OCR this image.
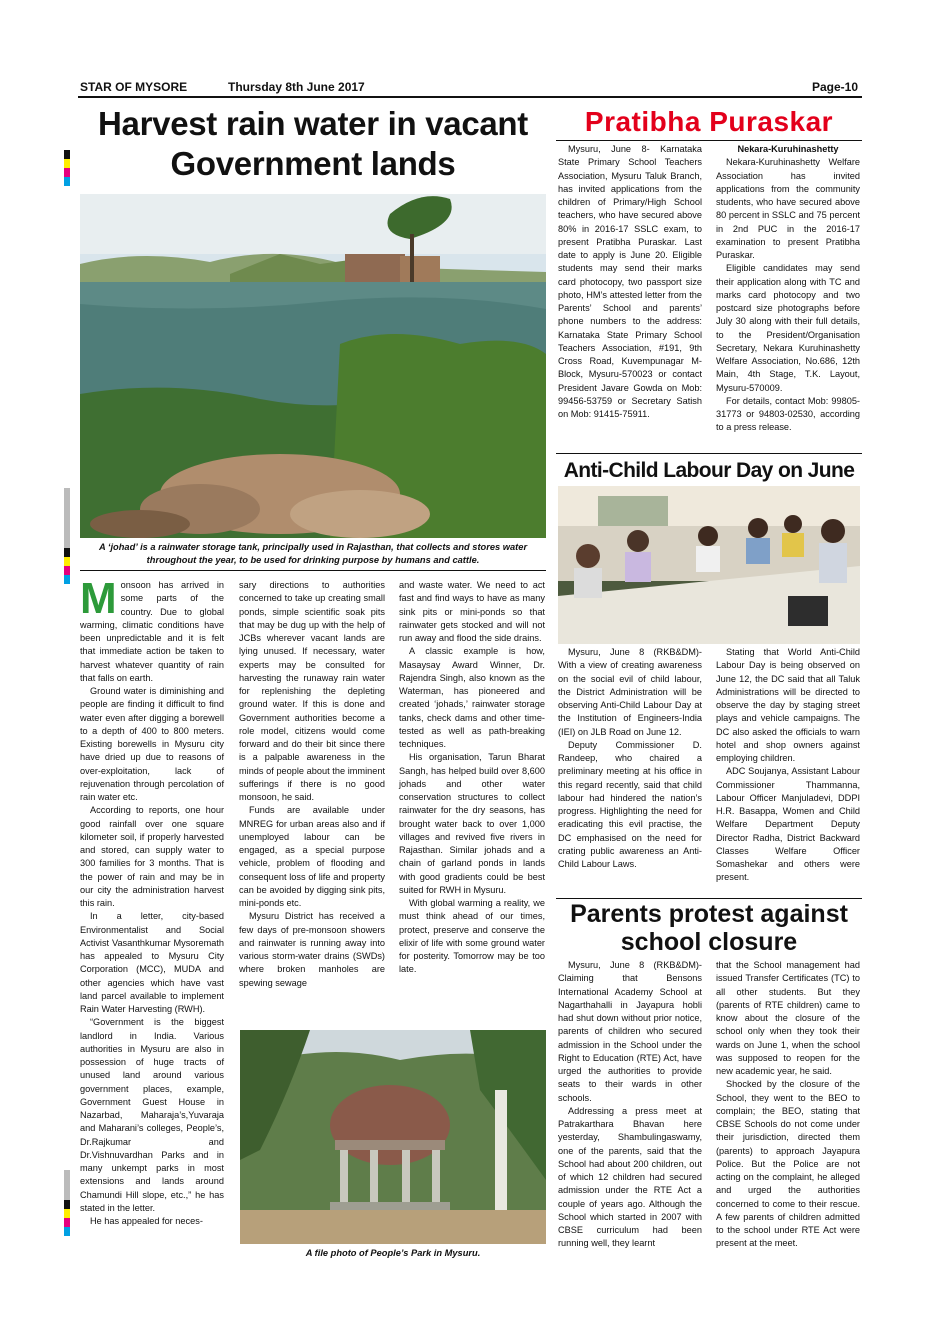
STAR OF MYSORE	Thursday 8th June 2017	Page-10
Harvest rain water in vacant
Government lands
A ‘johad’ is a rainwater storage tank, principally used in Rajasthan, that collects and stores water throughout the year, to be used for drinking purpose by humans and cattle.

Monsoon has arrived in some parts of the country. Due to global warming, climatic conditions have been unpredictable and it is felt that immediate action be taken to harvest whatever quantity of rain that falls on earth.

Ground water is diminishing and people are finding it difficult to find water even after digging a borewell to a depth of 400 to 800 meters. Existing borewells in Mysuru city have dried up due to reasons of over-exploitation, lack of rejuvenation through percolation of rain water etc.

According to reports, one hour good rainfall over one square kilometer soil, if properly harvested and stored, can supply water to 300 families for 3 months. That is the power of rain and may be in our city the administration harvest this rain.

In a letter, city-based Environmentalist and Social Activist Vasanthkumar Mysoremath has appealed to Mysuru City Corporation (MCC), MUDA and other agencies which have vast land parcel available to implement Rain Water Harvesting (RWH).

“Government is the biggest landlord in India. Various authorities in Mysuru are also in possession of huge tracts of unused land around various government places, example, Government Guest House in Nazarbad, Maharaja’s,Yuvaraja and Maharani’s colleges, People’s, Dr.Rajkumar and Dr.Vishnuvardhan Parks and in many unkempt parks in most extensions and lands around Chamundi Hill slope, etc.,” he has stated in the letter.

He has appealed for neces-

sary directions to authorities concerned to take up creating small ponds, simple scientific soak pits that may be dug up with the help of JCBs wherever vacant lands are lying unused. If necessary, water experts may be consulted for harvesting the runaway rain water for replenishing the depleting ground water. If this is done and Government authorities become a role model, citizens would come forward and do their bit since there is a palpable awareness in the minds of people about the imminent sufferings if there is no good monsoon, he said.

Funds are available under MNREG for urban areas also and if unemployed labour can be engaged, as a special purpose vehicle, problem of flooding and consequent loss of life and property can be avoided by digging sink pits, mini-ponds etc.

Mysuru District has received a few days of pre-monsoon showers and rainwater is running away into various storm-water drains (SWDs) where broken manholes are spewing sewage

and waste water. We need to act fast and find ways to have as many sink pits or mini-ponds so that rainwater gets stocked and will not run away and flood the side drains.

A classic example is how, Masaysay Award Winner, Dr. Rajendra Singh, also known as the Waterman, has pioneered and created ‘johads,’ rainwater storage tanks, check dams and other time-tested as well as path-breaking techniques.

His organisation, Tarun Bharat Sangh, has helped build over 8,600 johads and other water conservation structures to collect rainwater for the dry seasons, has brought water back to over 1,000 villages and revived five rivers in Rajasthan. Similar johads and a chain of garland ponds in lands with good gradients could be best suited for RWH in Mysuru.

With global warming a reality, we must think ahead of our times, protect, preserve and conserve the elixir of life with some ground water for posterity. Tomorrow may be too late.

A file photo of People’s Park in Mysuru.
Pratibha Puraskar

Mysuru, June 8- Karnataka State Primary School Teachers Association, Mysuru Taluk Branch, has invited applications from the children of Primary/High School teachers, who have secured above 80% in 2016-17 SSLC exam, to present Pratibha Puraskar. Last date to apply is June 20. Eligible students may send their marks card photocopy, two passport size photo, HM’s attested letter from the Parents’ School and parents’ phone numbers to the address: Karnataka State Primary School Teachers Association, #191, 9th Cross Road, Kuvempunagar M-Block, Mysuru-570023 or contact President Javare Gowda on Mob: 99456-53759 or Secretary Satish on Mob: 91415-75911.

Nekara-Kuruhinashetty

Nekara-Kuruhinashetty Welfare Association has invited applications from the community students, who have secured above 80 percent in SSLC and 75 percent in 2nd PUC in the 2016-17 examination to present Pratibha Puraskar.

Eligible candidates may send their application along with TC and marks card photocopy and two postcard size photographs before July 30 along with their full details, to the President/Organisation Secretary, Nekara Kuruhinashetty Welfare Association, No.686, 12th Main, 4th Stage, T.K. Layout, Mysuru-570009.

For details, contact Mob: 99805-31773 or 94803-02530, according to a press release.

Anti-Child Labour Day on June

Mysuru, June 8 (RKB&DM)- With a view of creating awareness on the social evil of child labour, the District Administration will be observing Anti-Child Labour Day at the Institution of Engineers-India (IEI) on JLB Road on June 12.

Deputy Commissioner D. Randeep, who chaired a preliminary meeting at his office in this regard recently, said that child labour had hindered the nation’s progress. Highlighting the need for eradicating this evil practise, the DC emphasised on the need for crating public awareness an Anti-Child Labour Laws.

Stating that World Anti-Child Labour Day is being observed on June 12, the DC said that all Taluk Administrations will be directed to observe the day by staging street plays and vehicle campaigns. The DC also asked the officials to warn hotel and shop owners against employing children.

ADC Soujanya, Assistant Labour Commissioner Thammanna, Labour Officer Manjuladevi, DDPI H.R. Basappa, Women and Child Welfare Department Deputy Director Radha, District Backward Classes Welfare Officer Somashekar and others were present.

Parents protest against
school closure

Mysuru, June 8 (RKB&DM)- Claiming that Bensons International Academy School at Nagarthahalli in Jayapura hobli had shut down without prior notice, parents of children who secured admission in the School under the Right to Education (RTE) Act, have urged the authorities to provide seats to their wards in other schools.

Addressing a press meet at Patrakarthara Bhavan here yesterday, Shambulingaswamy, one of the parents, said that the School had about 200 children, out of which 12 children had secured admission under the RTE Act a couple of years ago. Although the School which started in 2007 with CBSE curriculum had been running well, they learnt

that the School management had issued Transfer Certificates (TC) to all other students. But they (parents of RTE children) came to know about the closure of the school only when they took their wards on June 1, when the school was supposed to reopen for the new academic year, he said.

Shocked by the closure of the School, they went to the BEO to complain; the BEO, stating that CBSE Schools do not come under their jurisdiction, directed them (parents) to approach Jayapura Police. But the Police are not acting on the complaint, he alleged and urged the authorities concerned to come to their rescue. A few parents of children admitted to the school under RTE Act were present at the meet.
